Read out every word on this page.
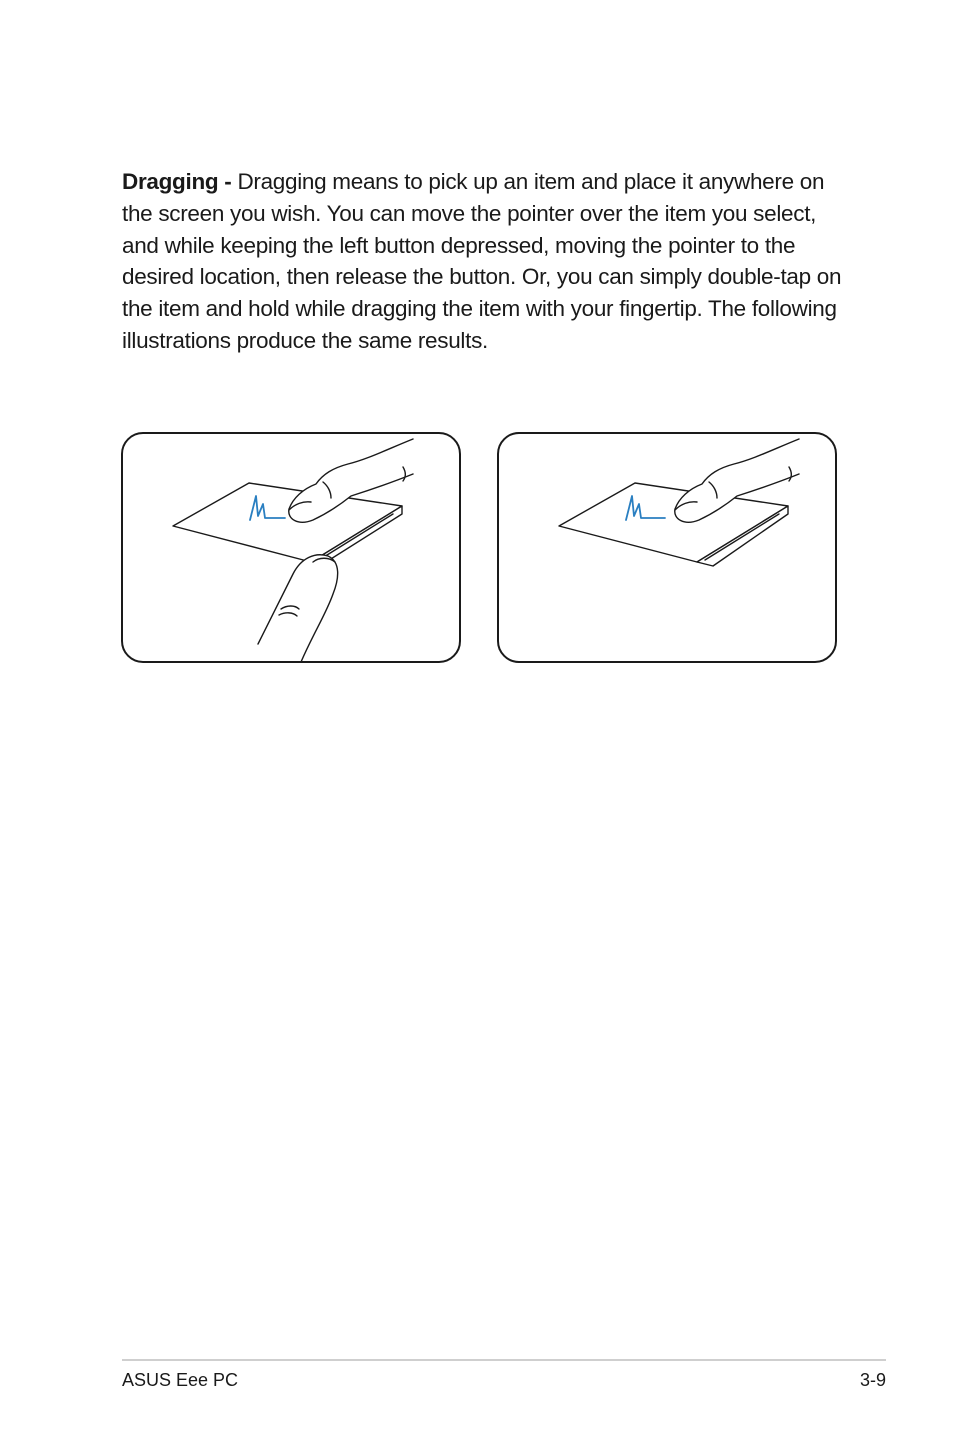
Dragging - Dragging means to pick up an item and place it anywhere on the screen you wish. You can move the pointer over the item you select, and while keeping the left button depressed, moving the pointer to the desired location, then release the button. Or, you can simply double-tap on the item and hold while dragging the item with your fingertip. The following illustrations produce the same results.

ASUS Eee PC	3-9
